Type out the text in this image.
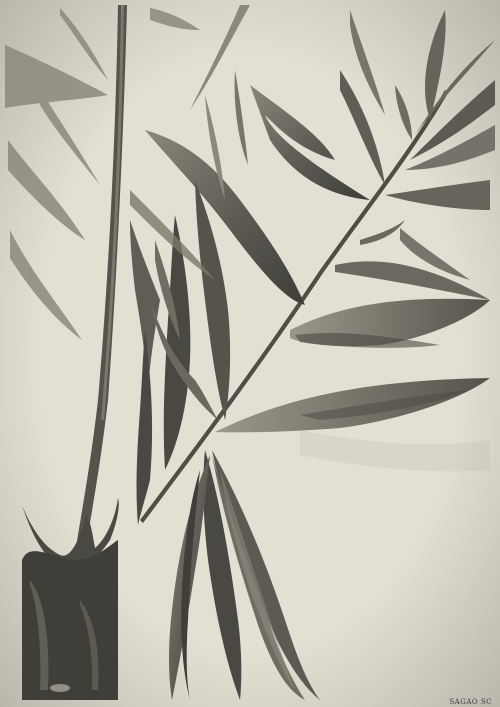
SAGAO SC
